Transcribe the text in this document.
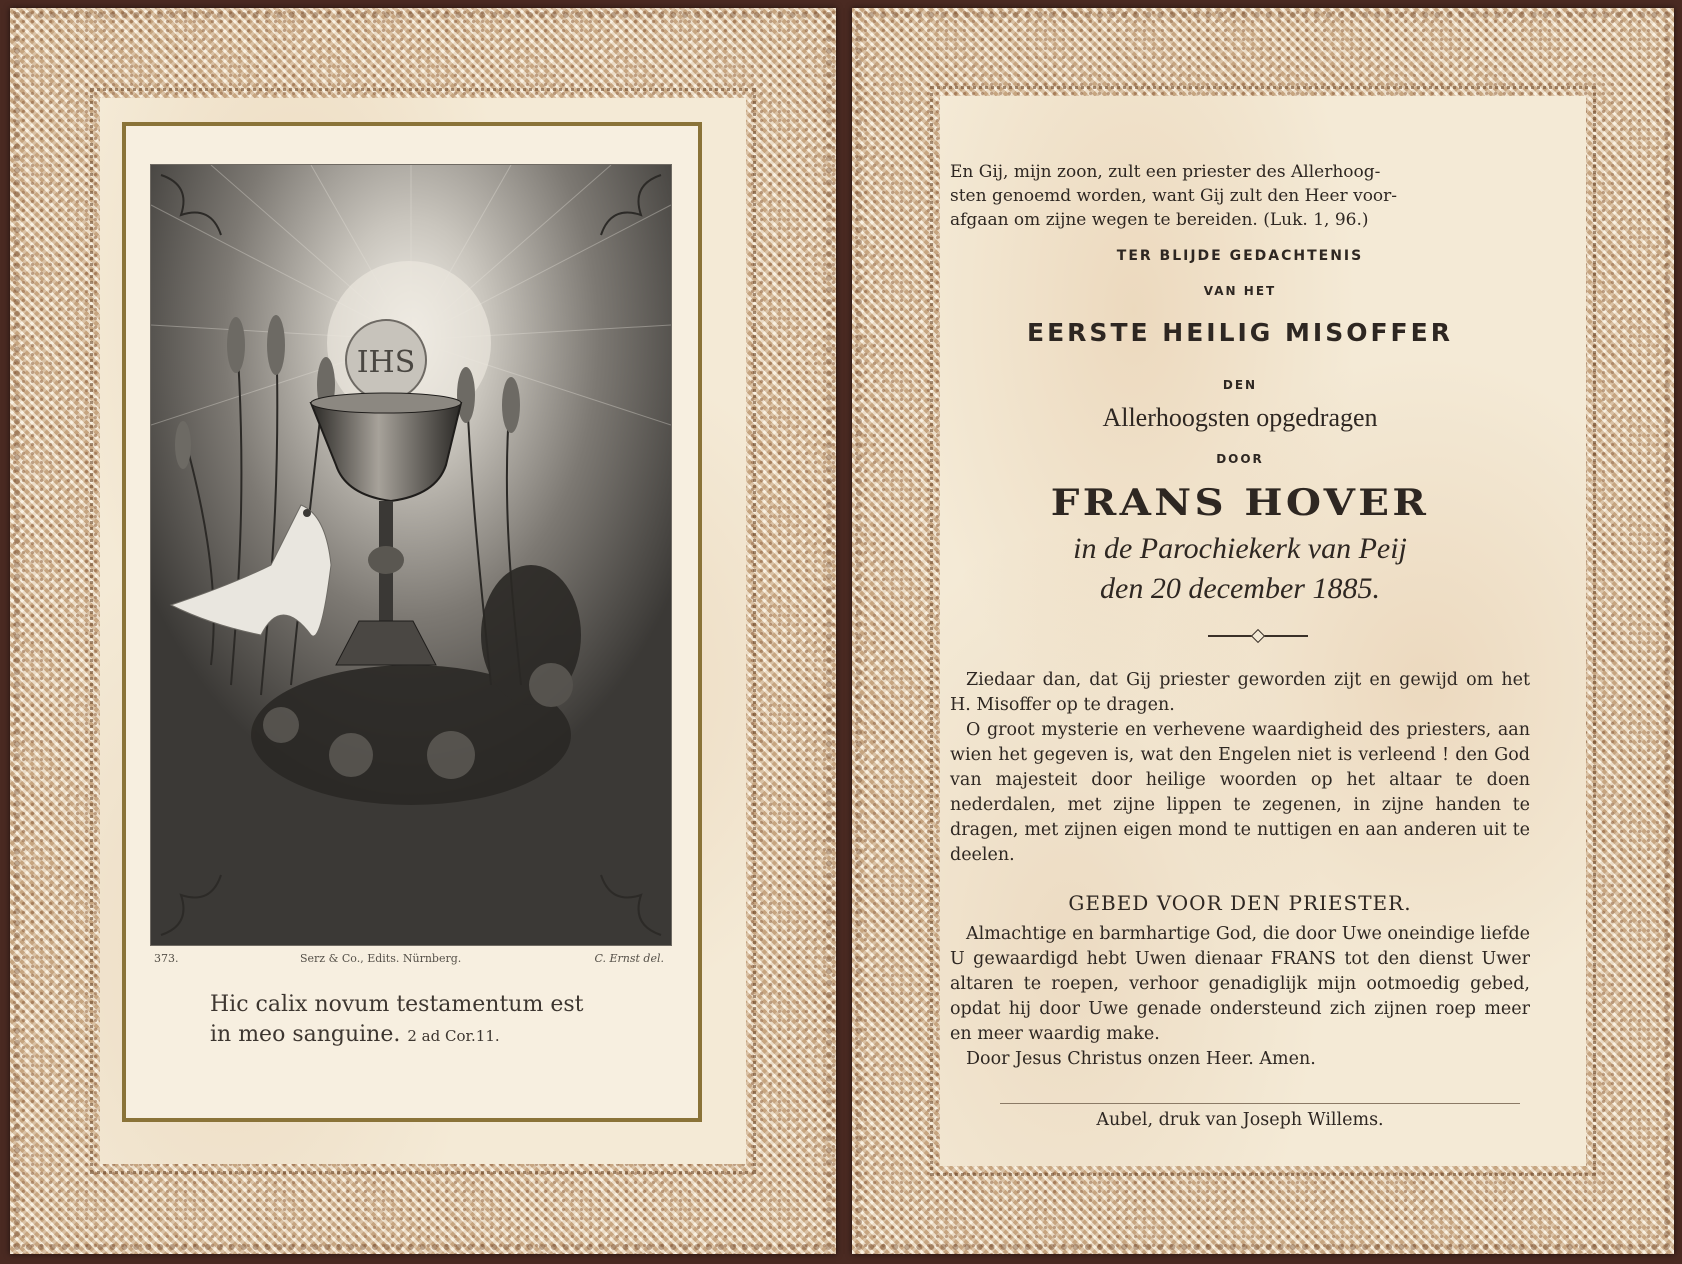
IHS
373.	Serz & Co., Edits. Nürnberg.	C. Ernst del.
Hic calix novum testamentum est
in meo sanguine. 2 ad Cor.11.
En Gij, mijn zoon, zult een priester des Allerhoog-
sten genoemd worden, want Gij zult den Heer voor-
afgaan om zijne wegen te bereiden. (Luk. 1, 96.)
TER BLIJDE GEDACHTENIS
VAN HET
EERSTE HEILIG MISOFFER
DEN
Allerhoogsten opgedragen
DOOR
FRANS HOVER
in de Parochiekerk van Peij
den 20 december 1885.

Ziedaar dan, dat Gij priester geworden zijt en gewijd om het H. Misoffer op te dragen.

O groot mysterie en verhevene waardigheid des priesters, aan wien het gegeven is, wat den Engelen niet is verleend ! den God van majesteit door heilige woorden op het altaar te doen nederdalen, met zijne lippen te zegenen, in zijne handen te dragen, met zijnen eigen mond te nuttigen en aan anderen uit te deelen.

GEBED VOOR DEN PRIESTER.

Almachtige en barmhartige God, die door Uwe oneindige liefde U gewaardigd hebt Uwen dienaar FRANS tot den dienst Uwer altaren te roepen, verhoor genadiglijk mijn ootmoedig gebed, opdat hij door Uwe genade ondersteund zich zijnen roep meer en meer waardig make.

Door Jesus Christus onzen Heer. Amen.

Aubel, druk van Joseph Willems.
